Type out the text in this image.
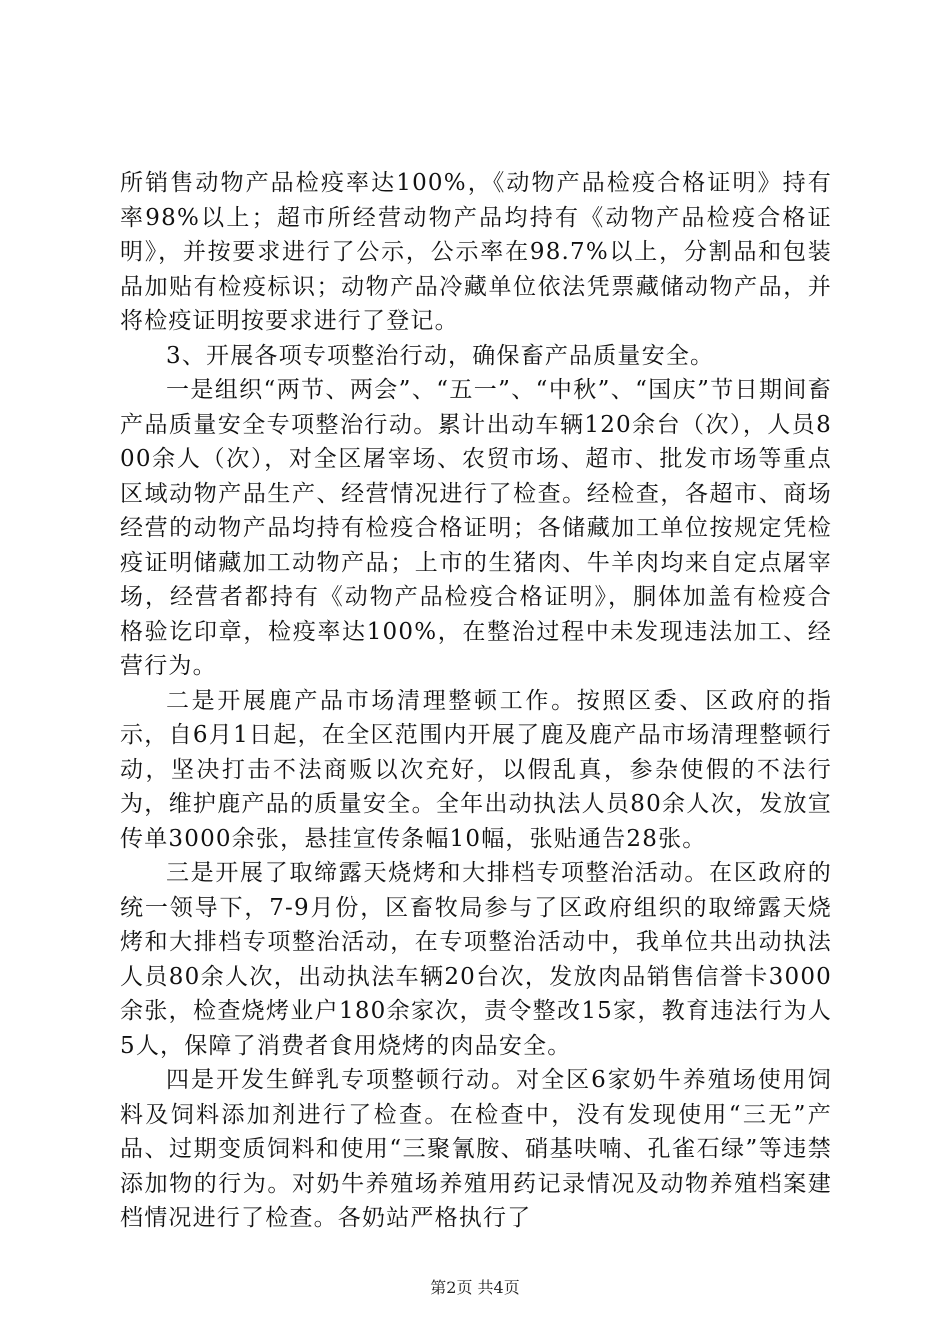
所销售动物产品检疫率达100%，《动物产品检疫合格证明》持有率98%以上；超市所经营动物产品均持有《动物产品检疫合格证明》，并按要求进行了公示，公示率在98.7%以上，分割品和包装品加贴有检疫标识；动物产品冷藏单位依法凭票藏储动物产品，并将检疫证明按要求进行了登记。

3、开展各项专项整治行动，确保畜产品质量安全。

一是组织“两节、两会”、“五一”、“中秋”、“国庆”节日期间畜产品质量安全专项整治行动。累计出动车辆120余台（次），人员800余人（次），对全区屠宰场、农贸市场、超市、批发市场等重点区域动物产品生产、经营情况进行了检查。经检查，各超市、商场经营的动物产品均持有检疫合格证明；各储藏加工单位按规定凭检疫证明储藏加工动物产品；上市的生猪肉、牛羊肉均来自定点屠宰场，经营者都持有《动物产品检疫合格证明》，胴体加盖有检疫合格验讫印章，检疫率达100%，在整治过程中未发现违法加工、经营行为。

二是开展鹿产品市场清理整顿工作。按照区委、区政府的指示，自6月1日起，在全区范围内开展了鹿及鹿产品市场清理整顿行动，坚决打击不法商贩以次充好，以假乱真，参杂使假的不法行为，维护鹿产品的质量安全。全年出动执法人员80余人次，发放宣传单3000余张，悬挂宣传条幅10幅，张贴通告28张。

三是开展了取缔露天烧烤和大排档专项整治活动。在区政府的统一领导下，7-9月份，区畜牧局参与了区政府组织的取缔露天烧烤和大排档专项整治活动，在专项整治活动中，我单位共出动执法人员80余人次，出动执法车辆20台次，发放肉品销售信誉卡3000余张，检查烧烤业户180余家次，责令整改15家，教育违法行为人5人，保障了消费者食用烧烤的肉品安全。

四是开发生鲜乳专项整顿行动。对全区6家奶牛养殖场使用饲料及饲料添加剂进行了检查。在检查中，没有发现使用“三无”产品、过期变质饲料和使用“三聚氰胺、硝基呋喃、孔雀石绿”等违禁添加物的行为。对奶牛养殖场养殖用药记录情况及动物养殖档案建档情况进行了检查。各奶站严格执行了

第2页 共4页
